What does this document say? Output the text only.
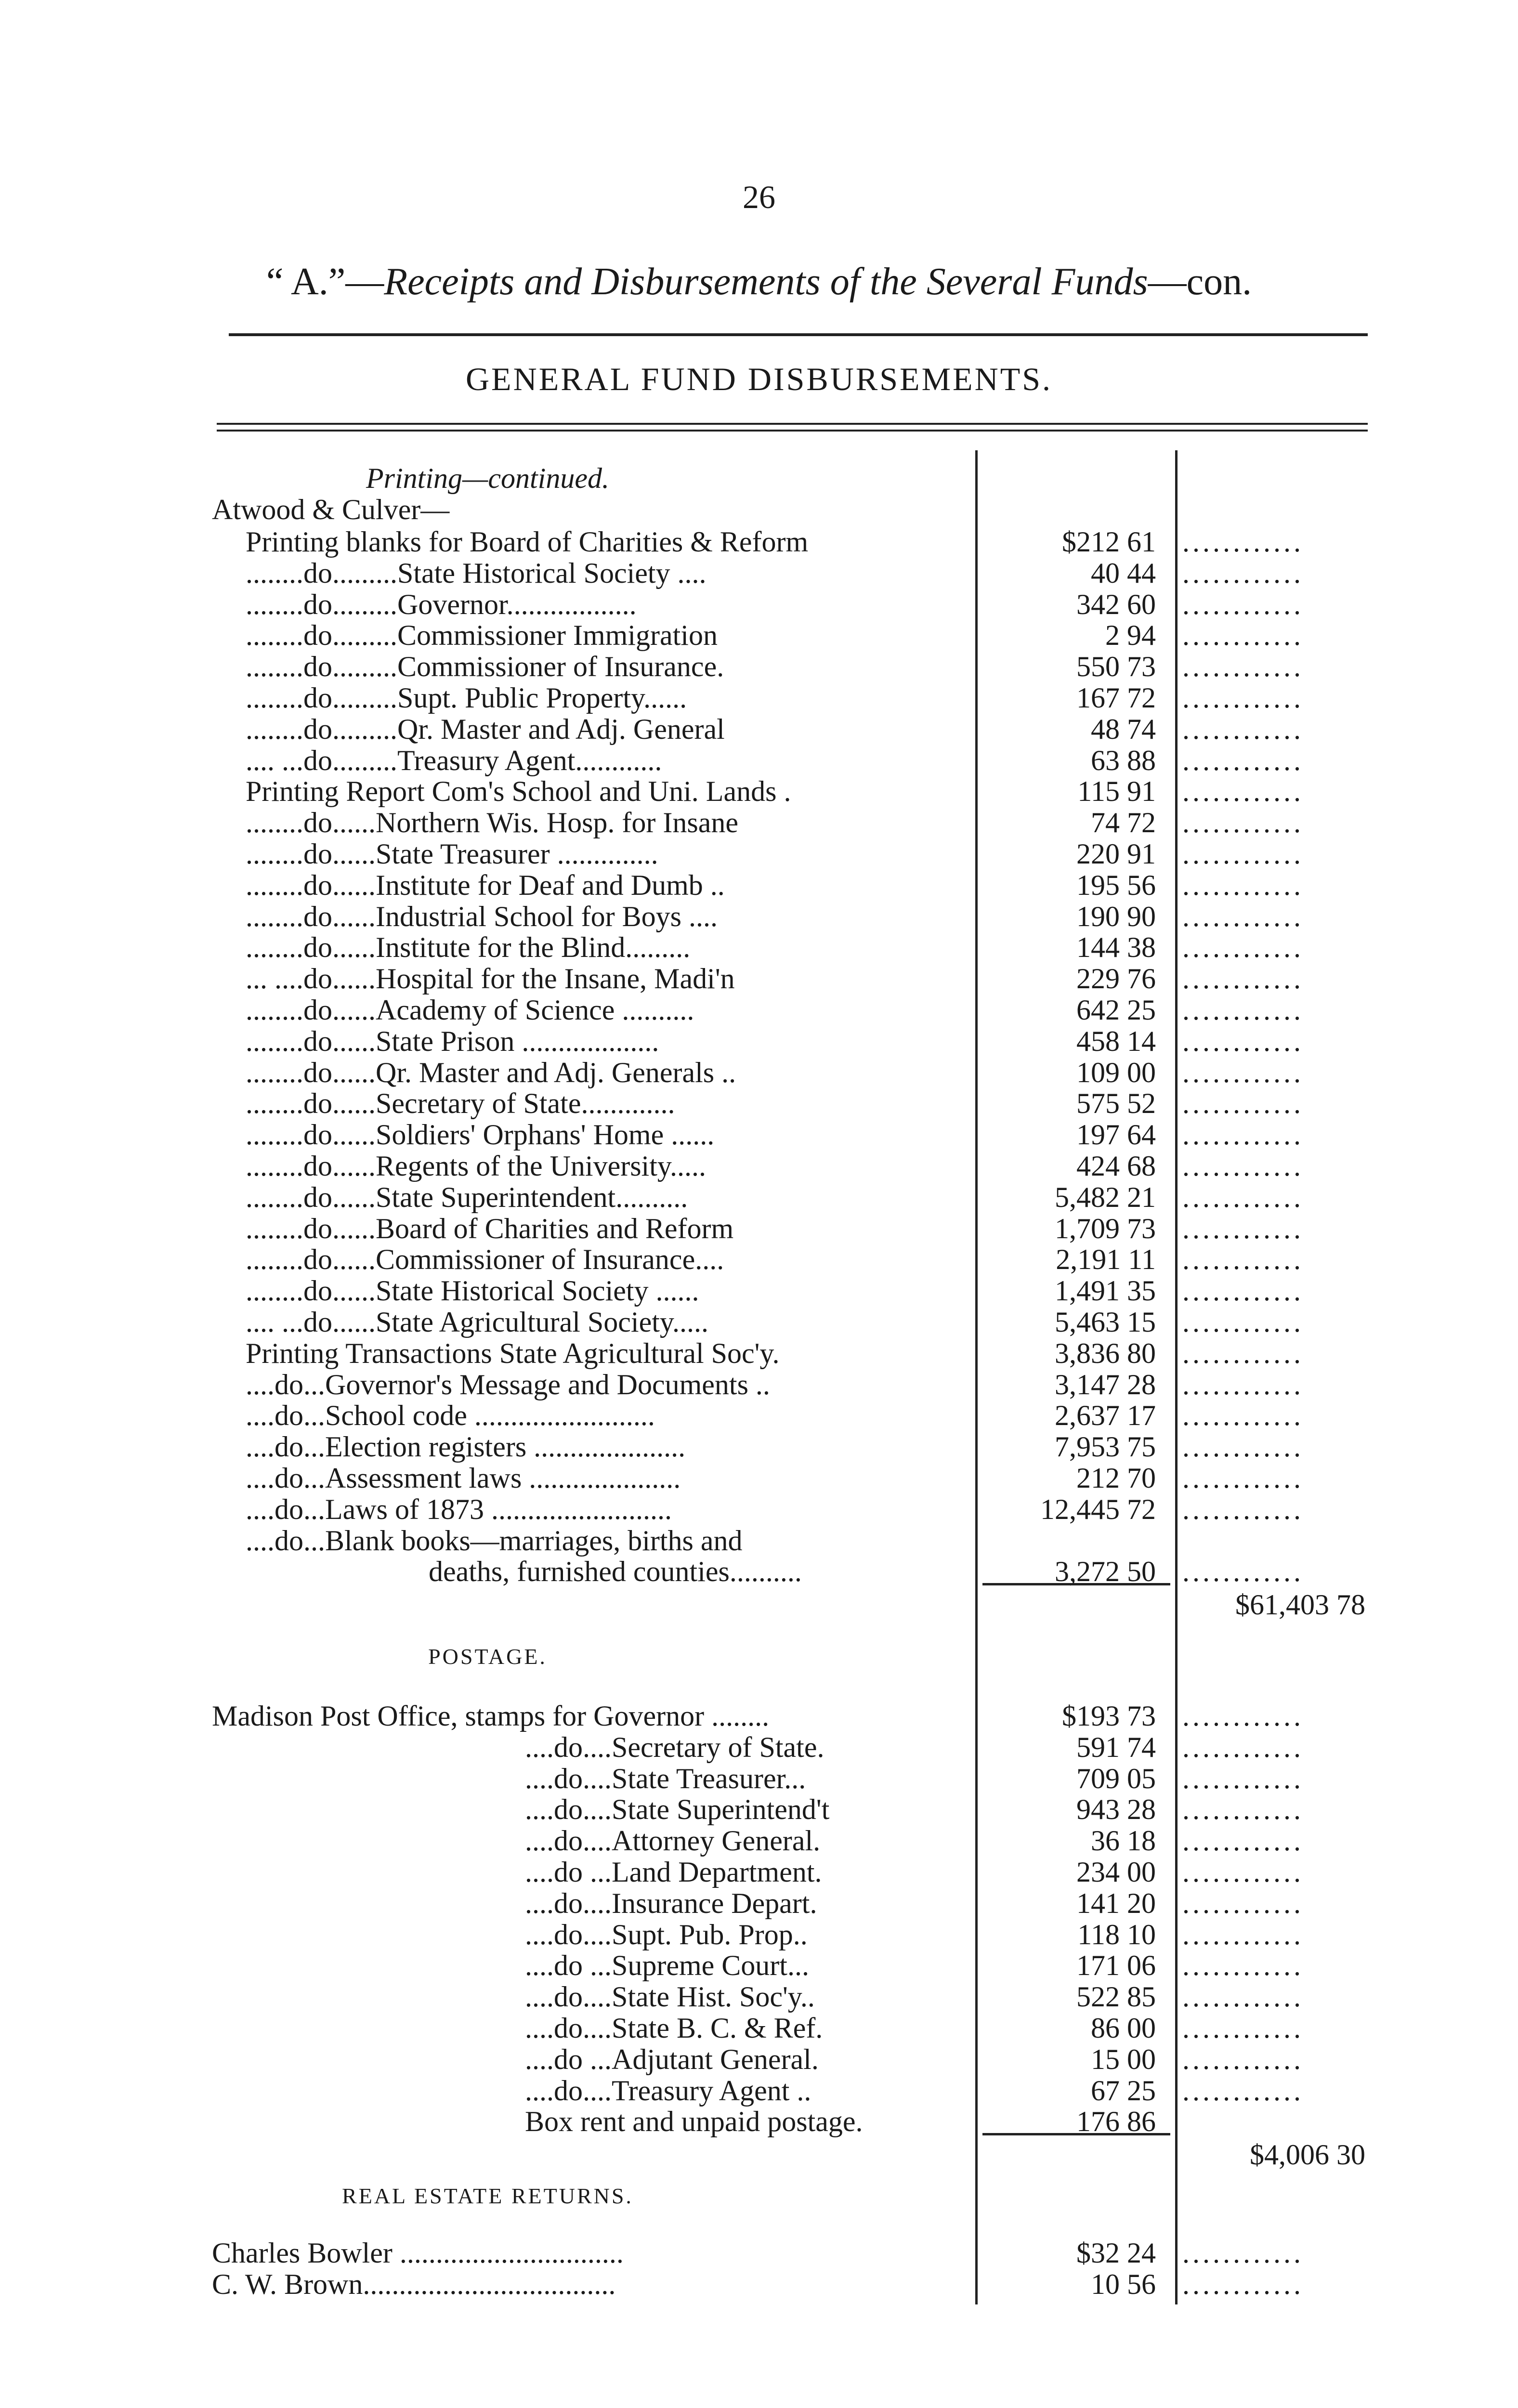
26
“ A.”—Receipts and Disbursements of the Several Funds—con.
GENERAL FUND DISBURSEMENTS.
Printing—continued.
Atwood & Culver—
Printing blanks for Board of Charities & Reform	$212 61 ............
........do.........State Historical Society ....	40 44 ............
........do.........Governor..................	342 60 ............
........do.........Commissioner Immigration	2 94 ............
........do.........Commissioner of Insurance.	550 73 ............
........do.........Supt. Public Property......	167 72 ............
........do.........Qr. Master and Adj. General	48 74 ............
.... ...do.........Treasury Agent............	63 88 ............
Printing Report Com's School and Uni. Lands .	115 91 ............
........do......Northern Wis. Hosp. for Insane	74 72 ............
........do......State Treasurer ..............	220 91 ............
........do......Institute for Deaf and Dumb ..	195 56 ............
........do......Industrial School for Boys ....	190 90 ............
........do......Institute for the Blind.........	144 38 ............
... ....do......Hospital for the Insane, Madi'n	229 76 ............
........do......Academy of Science ..........	642 25 ............
........do......State Prison ...................	458 14 ............
........do......Qr. Master and Adj. Generals ..	109 00 ............
........do......Secretary of State.............	575 52 ............
........do......Soldiers' Orphans' Home ......	197 64 ............
........do......Regents of the University.....	424 68 ............
........do......State Superintendent..........	5,482 21 ............
........do......Board of Charities and Reform	1,709 73 ............
........do......Commissioner of Insurance....	2,191 11 ............
........do......State Historical Society ......	1,491 35 ............
.... ...do......State Agricultural Society.....	5,463 15 ............
Printing Transactions State Agricultural Soc'y.	3,836 80 ............
....do...Governor's Message and Documents ..	3,147 28 ............
....do...School code .........................	2,637 17 ............
....do...Election registers .....................	7,953 75 ............
....do...Assessment laws .....................	212 70 ............
....do...Laws of 1873 .........................	12,445 72 ............
....do...Blank books—marriages, births and
deaths, furnished counties..........	3,272 50 ............
$61,403 78
POSTAGE.
Madison Post Office, stamps for Governor ........	$193 73 ............
....do....Secretary of State.	591 74 ............
....do....State Treasurer...	709 05 ............
....do....State Superintend't	943 28 ............
....do....Attorney General.	36 18 ............
....do ...Land Department.	234 00 ............
....do....Insurance Depart.	141 20 ............
....do....Supt. Pub. Prop..	118 10 ............
....do ...Supreme Court...	171 06 ............
....do....State Hist. Soc'y..	522 85 ............
....do....State B. C. & Ref.	86 00 ............
....do ...Adjutant General.	15 00 ............
....do....Treasury Agent ..	67 25 ............
Box rent and unpaid postage.	176 86
$4,006 30
REAL ESTATE RETURNS.
Charles Bowler ...............................	$32 24 ............
C. W. Brown...................................	10 56 ............
